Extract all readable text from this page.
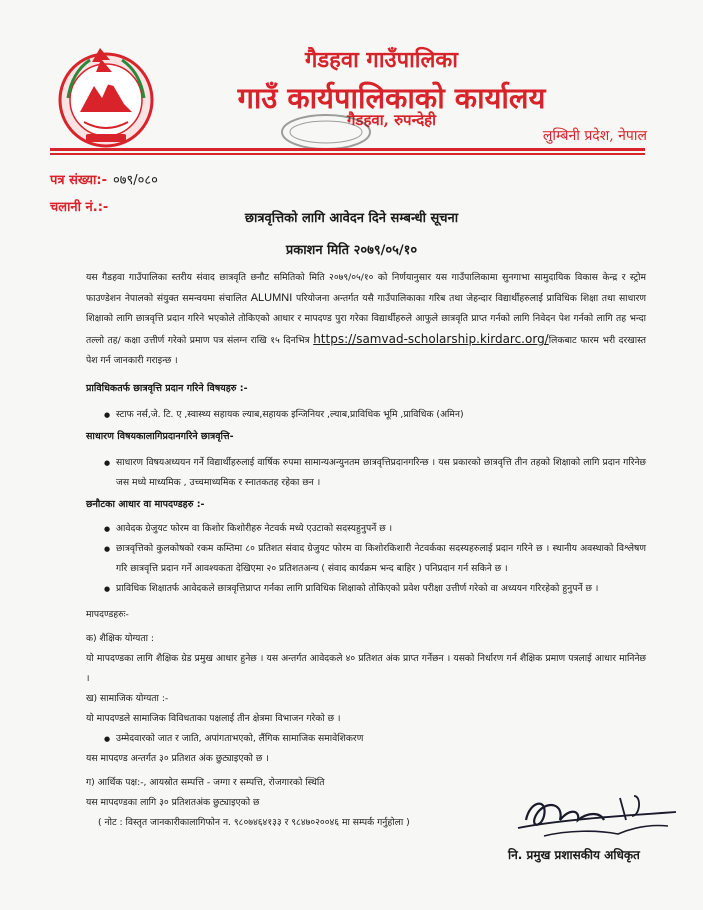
गैडहवा गाउँपालिका
गाउँ कार्यपालिकाको कार्यालय
गैडहवा, रुपन्देही
लुम्बिनी प्रदेश, नेपाल
पत्र संख्या:- ०७९/०८०
चलानी नं.:-
छात्रवृत्तिको लागि आवेदन दिने सम्बन्धी सूचना
प्रकाशन मिति २०७९/०५/१०

यस गैडहवा गाउँपालिका स्तरीय संवाद छात्रवृति छनौट समितिको मिति २०७९/०५/१० को निर्णयानुसार यस गाउँपालिकामा सुनगाभा सामुदायिक विकास केन्द्र र स्ट्रोम फाउण्डेशन नेपालको संयुक्त समन्वयमा संचालित ALUMNI परियोजना अन्तर्गत यसै गाउँपालिकाका गरिब तथा जेहन्दार विद्यार्थीहरुलाई प्राविधिक शिक्षा तथा साधारण शिक्षाको लागि छात्रवृत्ति प्रदान गरिने भएकोले तोकिएको आधार र मापदण्ड पुरा गरेका विद्यार्थीहरुले आफुले छात्रवृति प्राप्त गर्नको लागि निवेदन पेश गर्नको लागि तह भन्दा तल्लो तह/ कक्षा उत्तीर्ण गरेको प्रमाण पत्र संलग्न राखि १५ दिनभित्र https://samvad-scholarship.kirdarc.org/लिकबाट फारम भरी दरखास्त पेश गर्न जानकारी गराइन्छ ।

प्राविधिकतर्फ छात्रवृत्ति प्रदान गरिने विषयहरु :-

● स्टाफ नर्स,जे. टि. ए ,स्वास्थ्य सहायक ल्याब,सहायक इन्जिनियर ,ल्याब,प्राविधिक भूमि ,प्राविधिक (अमिन)

साधारण विषयकालागिप्रदानगरिने छात्रवृत्ति-

● साधारण विषयअध्ययन गर्ने विद्यार्थीहरुलाई वार्षिक रुपमा सामान्यअन्युनतम छात्रवृत्तिप्रदानगरिन्छ । यस प्रकारको छात्रवृत्ति तीन तहको शिक्षाको लागि प्रदान गरिनेछ जस मध्ये माध्यमिक , उच्चमाध्यमिक र स्नातकतह रहेका छन ।

छनौटका आधार वा मापदण्डहरु :-

● आवेदक ग्रेजुयट फोरम वा किशोर किशोरीहरु नेटवर्क मध्ये एउटाको सदस्यहुनुपर्ने छ ।

● छात्रवृत्तिको कुलकोषको रकम कम्तिमा ८० प्रतिशत संवाद ग्रेजुयट फोरम वा किशोरकिशारी नेटवर्कका सदस्यहरुलाई प्रदान गरिने छ । स्थानीय अवस्थाको विश्लेषण गरि छात्रवृत्ति प्रदान गर्ने आवश्यकता देखिएमा २० प्रतिशतअन्य ( संवाद कार्यक्रम भन्द बाहिर ) पनिप्रदान गर्न सकिने छ ।

● प्राविधिक शिक्षातर्फ आवेदकले छात्रवृत्तिप्राप्त गर्नका लागि प्राविधिक शिक्षाको तोकिएको प्रवेश परीक्षा उत्तीर्ण गरेको वा अध्ययन गरिरहेको हुनुपर्ने छ ।

मापदण्डहरुः-

क) शैक्षिक योग्यता :

यो मापदण्डका लागि शैक्षिक ग्रेड प्रमुख आधार हुनेछ । यस अन्तर्गत आवेदकले ४० प्रतिशत अंक प्राप्त गर्नेछन । यसको निर्धारण गर्न शैक्षिक प्रमाण पत्रलाई आधार मानिनेछ ।

ख) सामाजिक योग्यता :-

यो मापदण्डले सामाजिक विविधताका पक्षलाई तीन क्षेत्रमा विभाजन गरेको छ ।

● उम्मेदवारको जात र जाति, अपांगताभएको, लैंगिक सामाजिक समावेशिकरण

यस मापदण्ड अन्तर्गत ३० प्रतिशत अंक छुट्याइएको छ ।

ग) आर्थिक पक्ष:-, आयस्रोत सम्पत्ति - जग्गा र सम्पत्ति, रोजगारको स्थिति

यस मापदण्डका लागि ३० प्रतिशतअंक छुट्याइएको छ

( नोट : विस्तृत जानकारीकालागिफोन न. ९८०७४६४१३३ र ९८४७०२००४६ मा सम्पर्क गर्नुहोला )

नि. प्रमुख प्रशासकीय अधिकृत
